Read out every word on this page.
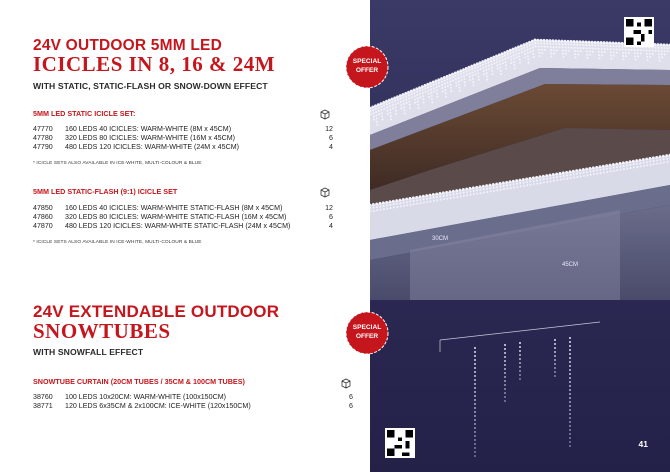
24V OUTDOOR 5MM LED
ICICLES IN 8, 16 & 24M
WITH STATIC, STATIC-FLASH OR SNOW-DOWN EFFECT
5MM LED STATIC ICICLE SET:
47770 160 LEDS 40 ICICLES: WARM-WHITE (8M x 45CM)	12
47780 320 LEDS 80 ICICLES: WARM-WHITE (16M x 45CM)	6
47790 480 LEDS 120 ICICLES: WARM-WHITE (24M x 45CM)	4
* ICICLE SETS ALSO AVAILABLE IN ICE-WHITE, MULTI-COLOUR & BLUE
5MM LED STATIC-FLASH (9:1) ICICLE SET
47850 160 LEDS 40 ICICLES: WARM-WHITE STATIC-FLASH (8M x 45CM)	12
47860 320 LEDS 80 ICICLES: WARM-WHITE STATIC-FLASH (16M x 45CM)	6
47870 480 LEDS 120 ICICLES: WARM-WHITE STATIC-FLASH (24M x 45CM)	4
* ICICLE SETS ALSO AVAILABLE IN ICE-WHITE, MULTI-COLOUR & BLUE
24V EXTENDABLE OUTDOOR
SNOWTUBES
WITH SNOWFALL EFFECT
SNOWTUBE CURTAIN (20CM TUBES / 35CM & 100CM TUBES)
38760 100 LEDS 10x20CM: WARM-WHITE (100x150CM)	6
38771 120 LEDS 6x35CM & 2x100CM: ICE-WHITE (120x150CM)	6
30CM
45CM
SPECIAL
OFFER
SPECIAL
OFFER
41
